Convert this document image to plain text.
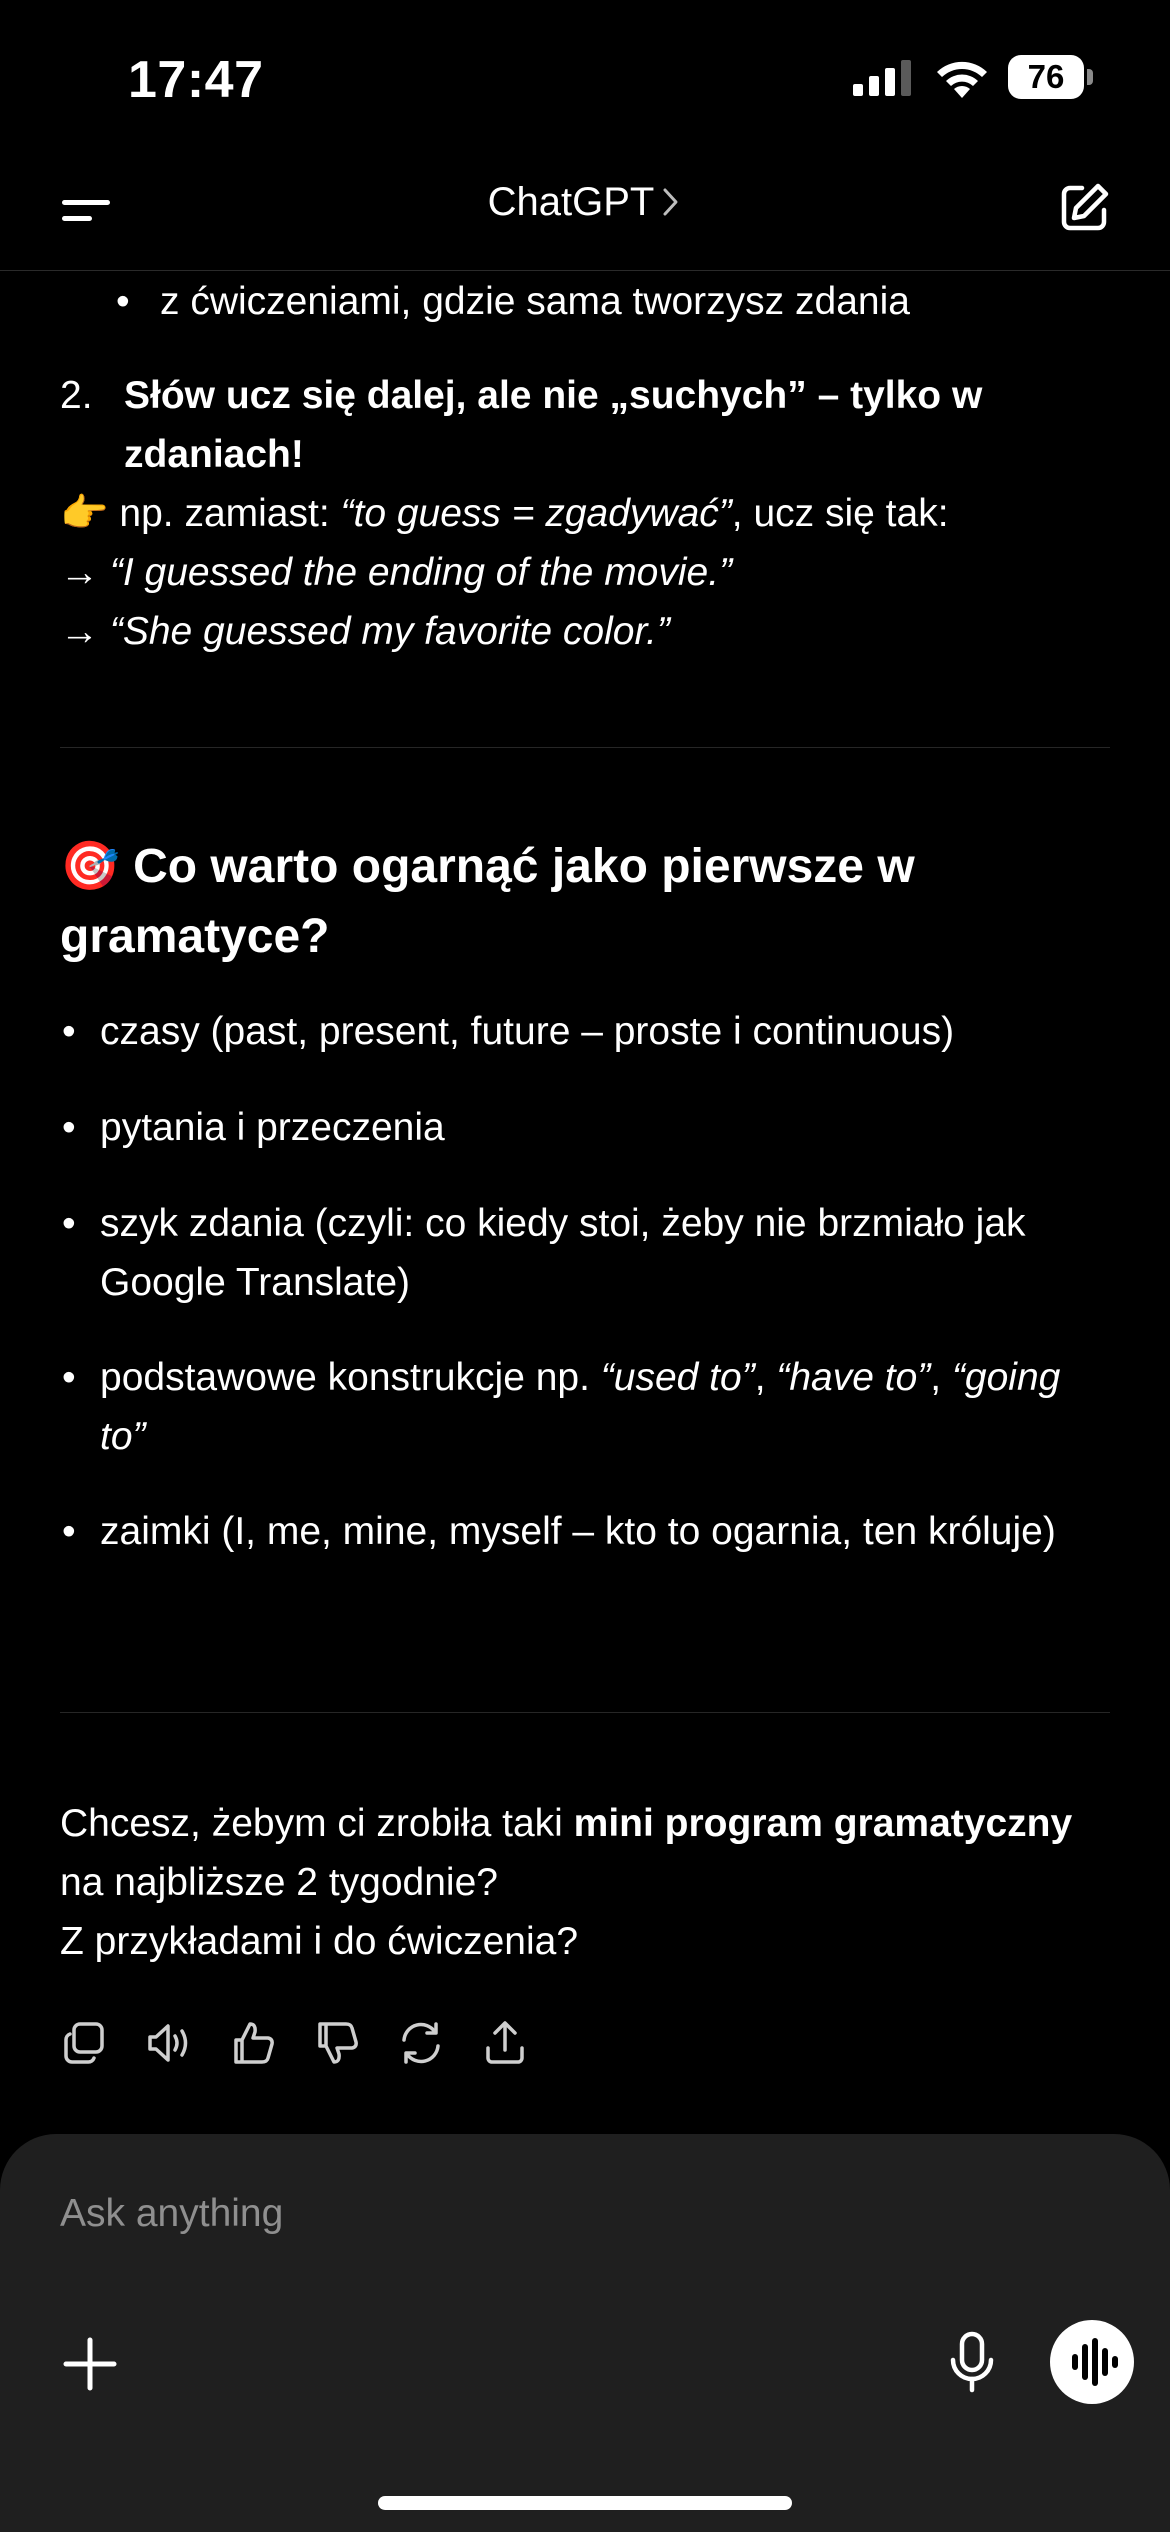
17:47	76
ChatGPT
• z ćwiczeniami, gdzie sama tworzysz zdania
2. Słów ucz się dalej, ale nie „suchych” – tylko w zdaniach!
👉 np. zamiast: “to guess = zgadywać”, ucz się tak:
→ “I guessed the ending of the movie.”
→ “She guessed my favorite color.”
🎯 Co warto ogarnąć jako pierwsze w gramatyce?
• czasy (past, present, future – proste i continuous)
• pytania i przeczenia
• szyk zdania (czyli: co kiedy stoi, żeby nie brzmiało jak Google Translate)
• podstawowe konstrukcje np. “used to”, “have to”, “going to”
• zaimki (I, me, mine, myself – kto to ogarnia, ten króluje)
Chcesz, żebym ci zrobiła taki mini program gramatyczny na najbliższe 2 tygodnie?
Z przykładami i do ćwiczenia?
Ask anything
